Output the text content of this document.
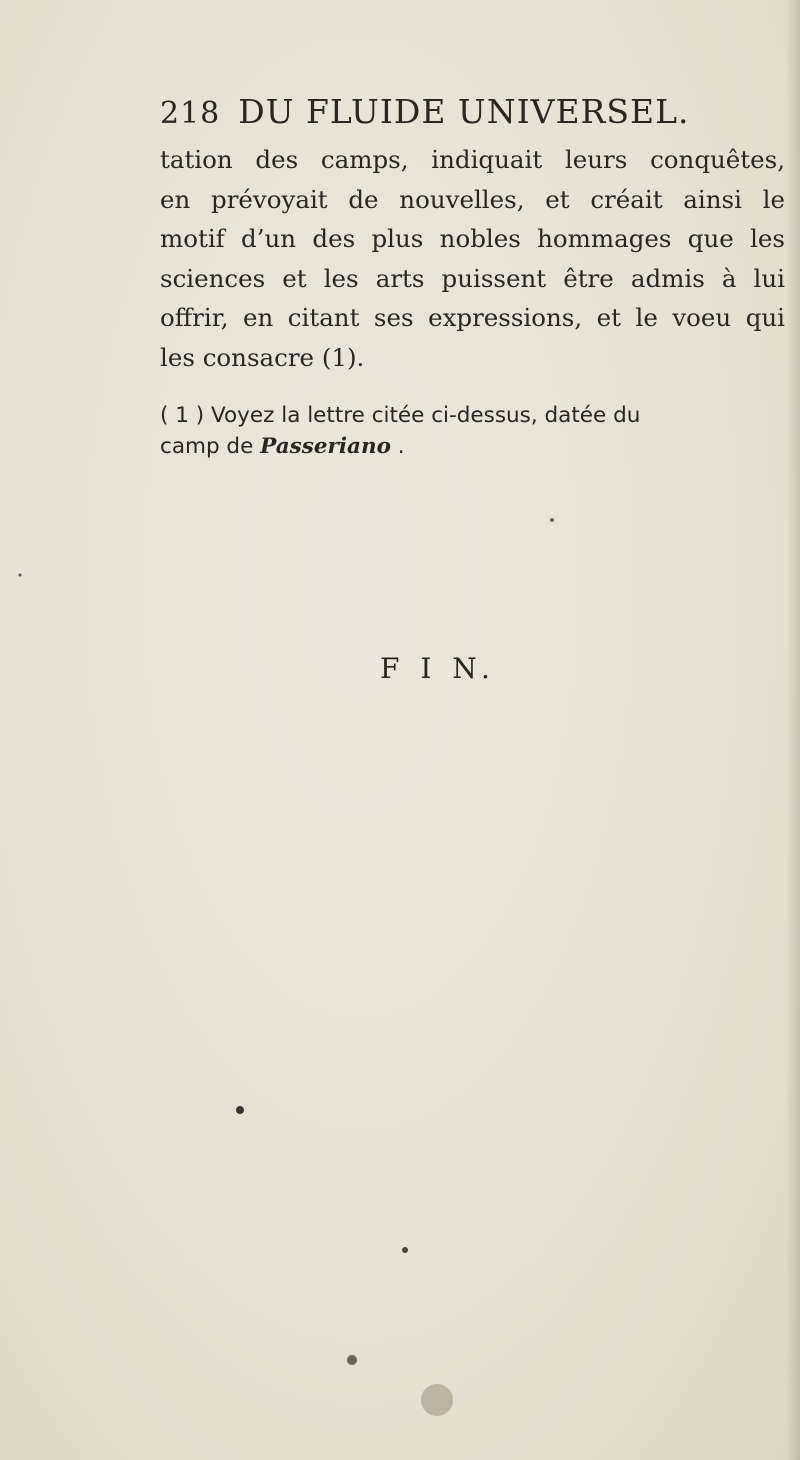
218 DU FLUIDE UNIVERSEL.
tation des camps, indiquait leurs conquêtes,
en prévoyait de nouvelles, et créait ainsi le
motif d’un des plus nobles hommages que les
sciences et les arts puissent être admis à lui
offrir, en citant ses expressions, et le voeu qui
les consacre (1).
( 1 ) Voyez la lettre citée ci-dessus, datée du
camp de Passeriano .
F I N.
